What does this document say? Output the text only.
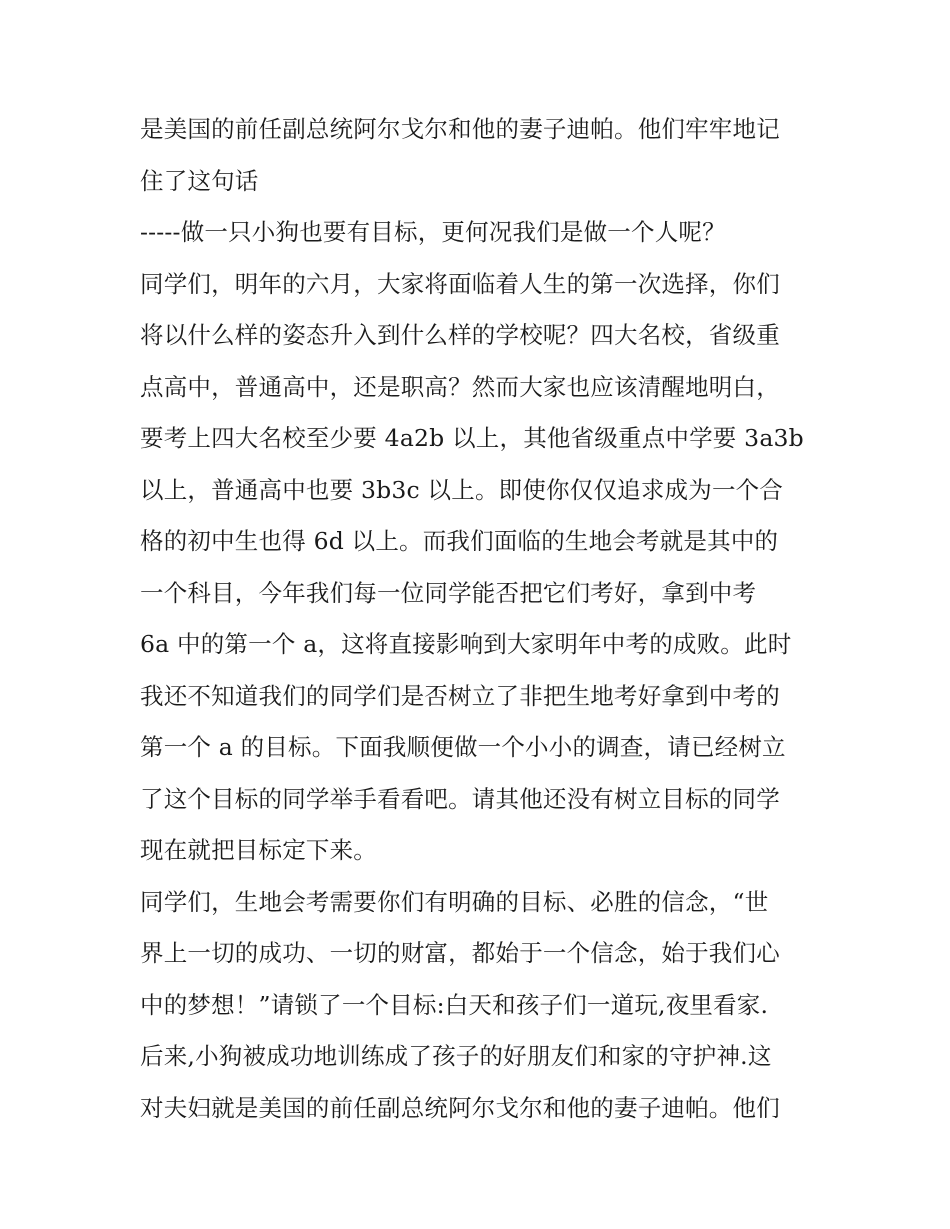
是美国的前任副总统阿尔戈尔和他的妻子迪帕。他们牢牢地记
住了这句话
-----做一只小狗也要有目标，更何况我们是做一个人呢？
同学们，明年的六月，大家将面临着人生的第一次选择，你们
将以什么样的姿态升入到什么样的学校呢？四大名校，省级重
点高中，普通高中，还是职高？然而大家也应该清醒地明白，
要考上四大名校至少要 4a2b 以上，其他省级重点中学要 3a3b
以上，普通高中也要 3b3c 以上。即使你仅仅追求成为一个合
格的初中生也得 6d 以上。而我们面临的生地会考就是其中的
一个科目，今年我们每一位同学能否把它们考好，拿到中考
6a 中的第一个 a，这将直接影响到大家明年中考的成败。此时
我还不知道我们的同学们是否树立了非把生地考好拿到中考的
第一个 a 的目标。下面我顺便做一个小小的调查，请已经树立
了这个目标的同学举手看看吧。请其他还没有树立目标的同学
现在就把目标定下来。
同学们，生地会考需要你们有明确的目标、必胜的信念，“世
界上一切的成功、一切的财富，都始于一个信念，始于我们心
中的梦想！”请锁了一个目标:白天和孩子们一道玩,夜里看家.
后来,小狗被成功地训练成了孩子的好朋友们和家的守护神.这
对夫妇就是美国的前任副总统阿尔戈尔和他的妻子迪帕。他们
